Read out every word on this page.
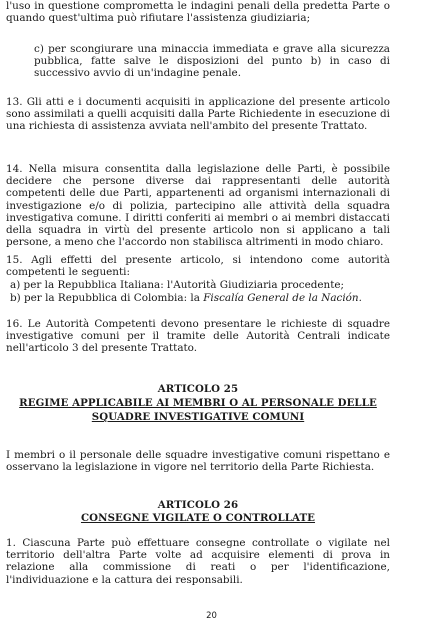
l'uso in questione comprometta le indagini penali della predetta Parte o quando quest'ultima può rifiutare l'assistenza giudiziaria;

c) per scongiurare una minaccia immediata e grave alla sicurezza pubblica, fatte salve le disposizioni del punto b) in caso di successivo avvio di un'indagine penale.

13. Gli atti e i documenti acquisiti in applicazione del presente articolo sono assimilati a quelli acquisiti dalla Parte Richiedente in esecuzione di una richiesta di assistenza avviata nell'ambito del presente Trattato.

14. Nella misura consentita dalla legislazione delle Parti, è possibile decidere che persone diverse dai rappresentanti delle autorità competenti delle due Parti, appartenenti ad organismi internazionali di investigazione e/o di polizia, partecipino alle attività della squadra investigativa comune. I diritti conferiti ai membri o ai membri distaccati della squadra in virtù del presente articolo non si applicano a tali persone, a meno che l'accordo non stabilisca altrimenti in modo chiaro.

15. Agli effetti del presente articolo, si intendono come autorità competenti le seguenti:

a) per la Repubblica Italiana: l'Autorità Giudiziaria procedente;

b) per la Repubblica di Colombia: la Fiscalía General de la Nación.

16. Le Autorità Competenti devono presentare le richieste di squadre investigative comuni per il tramite delle Autorità Centrali indicate nell'articolo 3 del presente Trattato.

ARTICOLO 25

REGIME APPLICABILE AI MEMBRI O AL PERSONALE DELLE

SQUADRE INVESTIGATIVE COMUNI

I membri o il personale delle squadre investigative comuni rispettano e osservano la legislazione in vigore nel territorio della Parte Richiesta.

ARTICOLO 26

CONSEGNE VIGILATE O CONTROLLATE

1. Ciascuna Parte può effettuare consegne controllate o vigilate nel territorio dell'altra Parte volte ad acquisire elementi di prova in relazione alla commissione di reati o per l'identificazione, l'individuazione e la cattura dei responsabili.

20
